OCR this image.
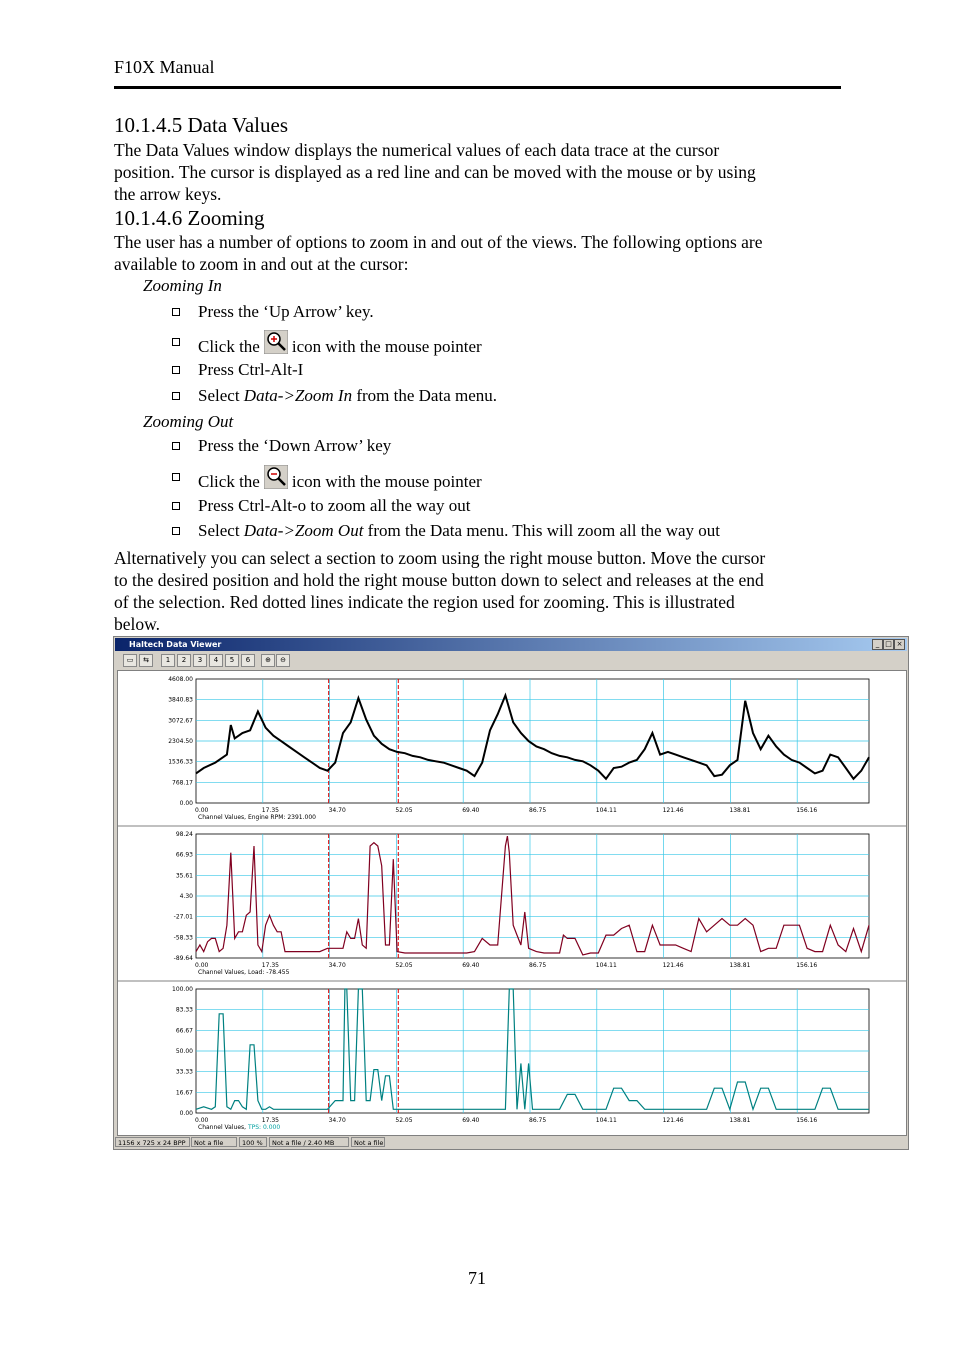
F10X Manual
10.1.4.5 Data Values
The Data Values window displays the numerical values of each data trace at the cursor
position. The cursor is displayed as a red line and can be moved with the mouse or by using
the arrow keys.
10.1.4.6 Zooming
The user has a number of options to zoom in and out of the views. The following options are
available to zoom in and out at the cursor:
Zooming In
Press the ‘Up Arrow’ key.
Click the icon with the mouse pointer
Press Ctrl-Alt-I
Select Data->Zoom In from the Data menu.
Zooming Out
Press the ‘Down Arrow’ key
Click the icon with the mouse pointer
Press Ctrl-Alt-o to zoom all the way out
Select Data->Zoom Out from the Data menu. This will zoom all the way out
Alternatively you can select a section to zoom using the right mouse button. Move the cursor
to the desired position and hold the right mouse button down to select and releases at the end
of the selection. Red dotted lines indicate the region used for zooming. This is illustrated
below.
Haltech Data Viewer	_ □ ×
▭	⇆	1	2	3	4	5	6	⊕	⊖
4608.00
3840.83
3072.67
2304.50
1536.33
768.17
0.00
0.00	17.35	34.70	52.05	69.40	86.75	104.11	121.46	138.81	156.16
Channel Values, Engine RPM: 2391.000
98.24
66.93
35.61
4.30
-27.01
-58.33
-89.64
0.00	17.35	34.70	52.05	69.40	86.75	104.11	121.46	138.81	156.16
Channel Values, Load: -78.455
100.00
83.33
66.67
50.00
33.33
16.67
0.00
0.00	17.35	34.70	52.05	69.40	86.75	104.11	121.46	138.81	156.16
Channel Values, TPS: 0.000
1156 x 725 x 24 BPP	Not a file	100 %	Not a file / 2.40 MB	Not a file
71
